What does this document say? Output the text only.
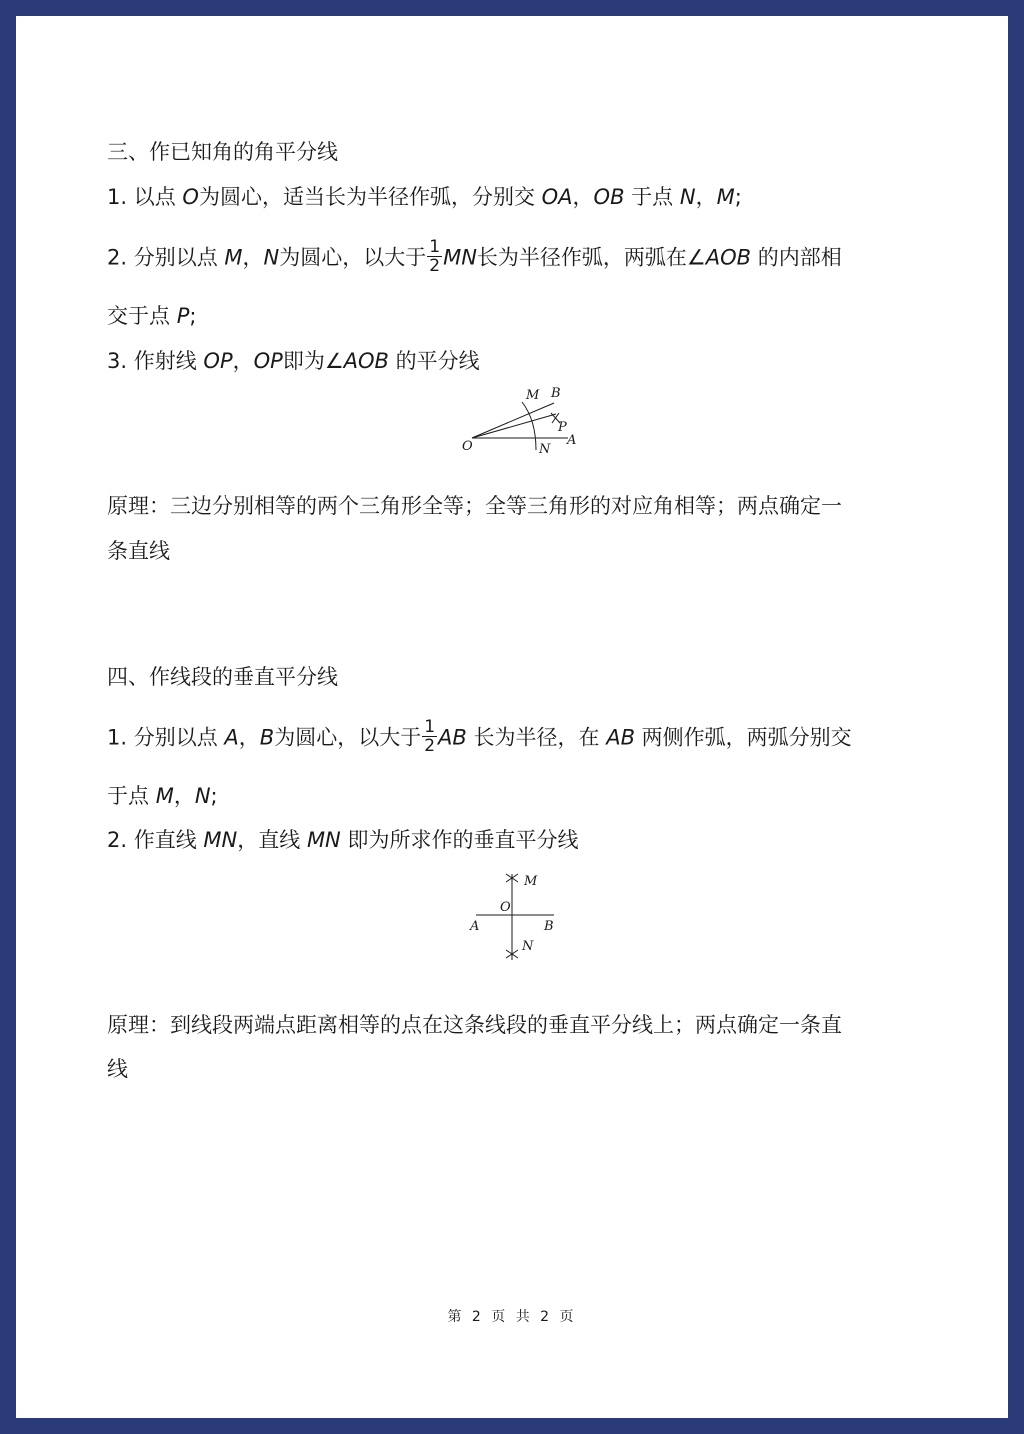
三、作已知角的角平分线
1. 以点 O为圆心，适当长为半径作弧，分别交 OA，OB 于点 N，M;
2. 分别以点 M，N为圆心，以大于 $\frac{1}{2}$ MN长为半径作弧，两弧在∠AOB 的内部相
交于点 P;
3. 作射线 OP，OP即为∠AOB 的平分线
M B
P
A
O	N
原理：三边分别相等的两个三角形全等；全等三角形的对应角相等；两点确定一
条直线
四、作线段的垂直平分线
1. 分别以点 A，B为圆心，以大于 $\frac{1}{2}$ AB 长为半径，在 AB 两侧作弧，两弧分别交
于点 M，N;
2. 作直线 MN，直线 MN 即为所求作的垂直平分线
M
O
A	B
N
原理：到线段两端点距离相等的点在这条线段的垂直平分线上；两点确定一条直
线
第 2 页 共 2 页
